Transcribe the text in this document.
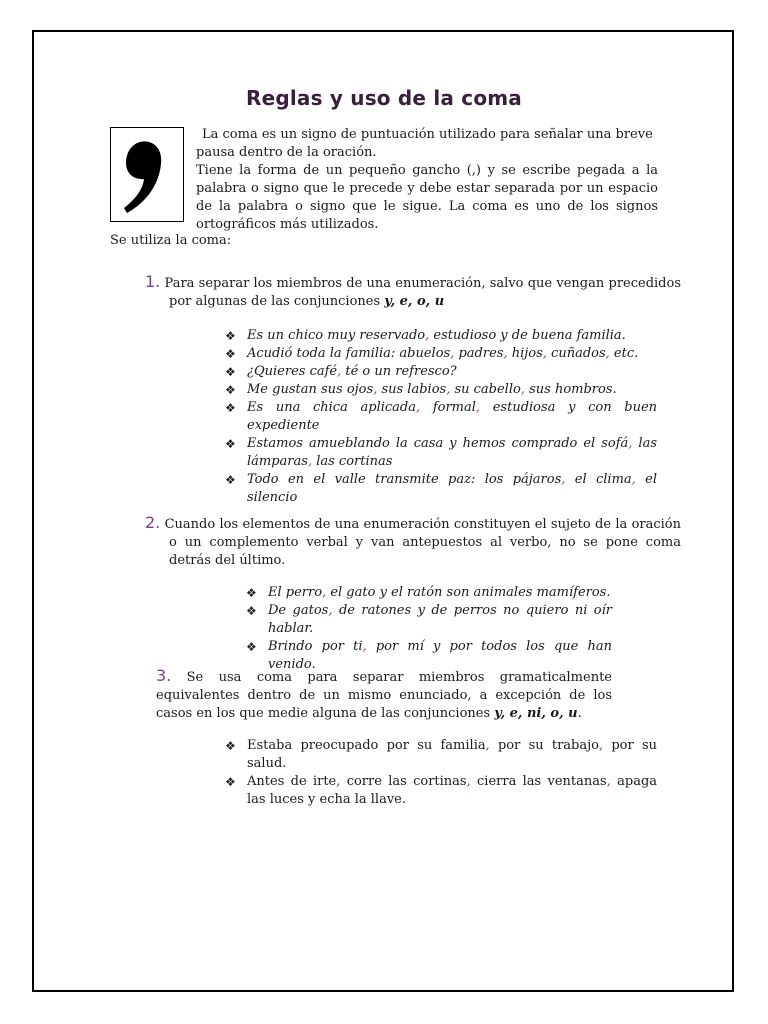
Reglas y uso de la coma
La coma es un signo de puntuación utilizado para señalar una breve
pausa dentro de la oración.
Tiene la forma de un pequeño gancho (,) y se escribe pegada a la palabra o signo que le precede y debe estar separada por un espacio de la palabra o signo que le sigue. La coma es uno de los signos ortográficos más utilizados.

Se utiliza la coma:

1. Para separar los miembros de una enumeración, salvo que vengan precedidos por algunas de las conjunciones y, e, o, u

❖ Es un chico muy reservado, estudioso y de buena familia.
❖ Acudió toda la familia: abuelos, padres, hijos, cuñados, etc.
❖ ¿Quieres café, té o un refresco?
❖ Me gustan sus ojos, sus labios, su cabello, sus hombros.
❖ Es una chica aplicada, formal, estudiosa y con buen expediente
❖ Estamos amueblando la casa y hemos comprado el sofá, las lámparas, las cortinas
❖ Todo en el valle transmite paz: los pájaros, el clima, el silencio

2. Cuando los elementos de una enumeración constituyen el sujeto de la oración o un complemento verbal y van antepuestos al verbo, no se pone coma detrás del último.

❖ El perro, el gato y el ratón son animales mamíferos.
❖ De gatos, de ratones y de perros no quiero ni oír hablar.
❖ Brindo por ti, por mí y por todos los que han venido.

3. Se usa coma para separar miembros gramaticalmente equivalentes dentro de un mismo enunciado, a excepción de los casos en los que medie alguna de las conjunciones y, e, ni, o, u.

❖ Estaba preocupado por su familia, por su trabajo, por su salud.
❖ Antes de irte, corre las cortinas, cierra las ventanas, apaga las luces y echa la llave.
